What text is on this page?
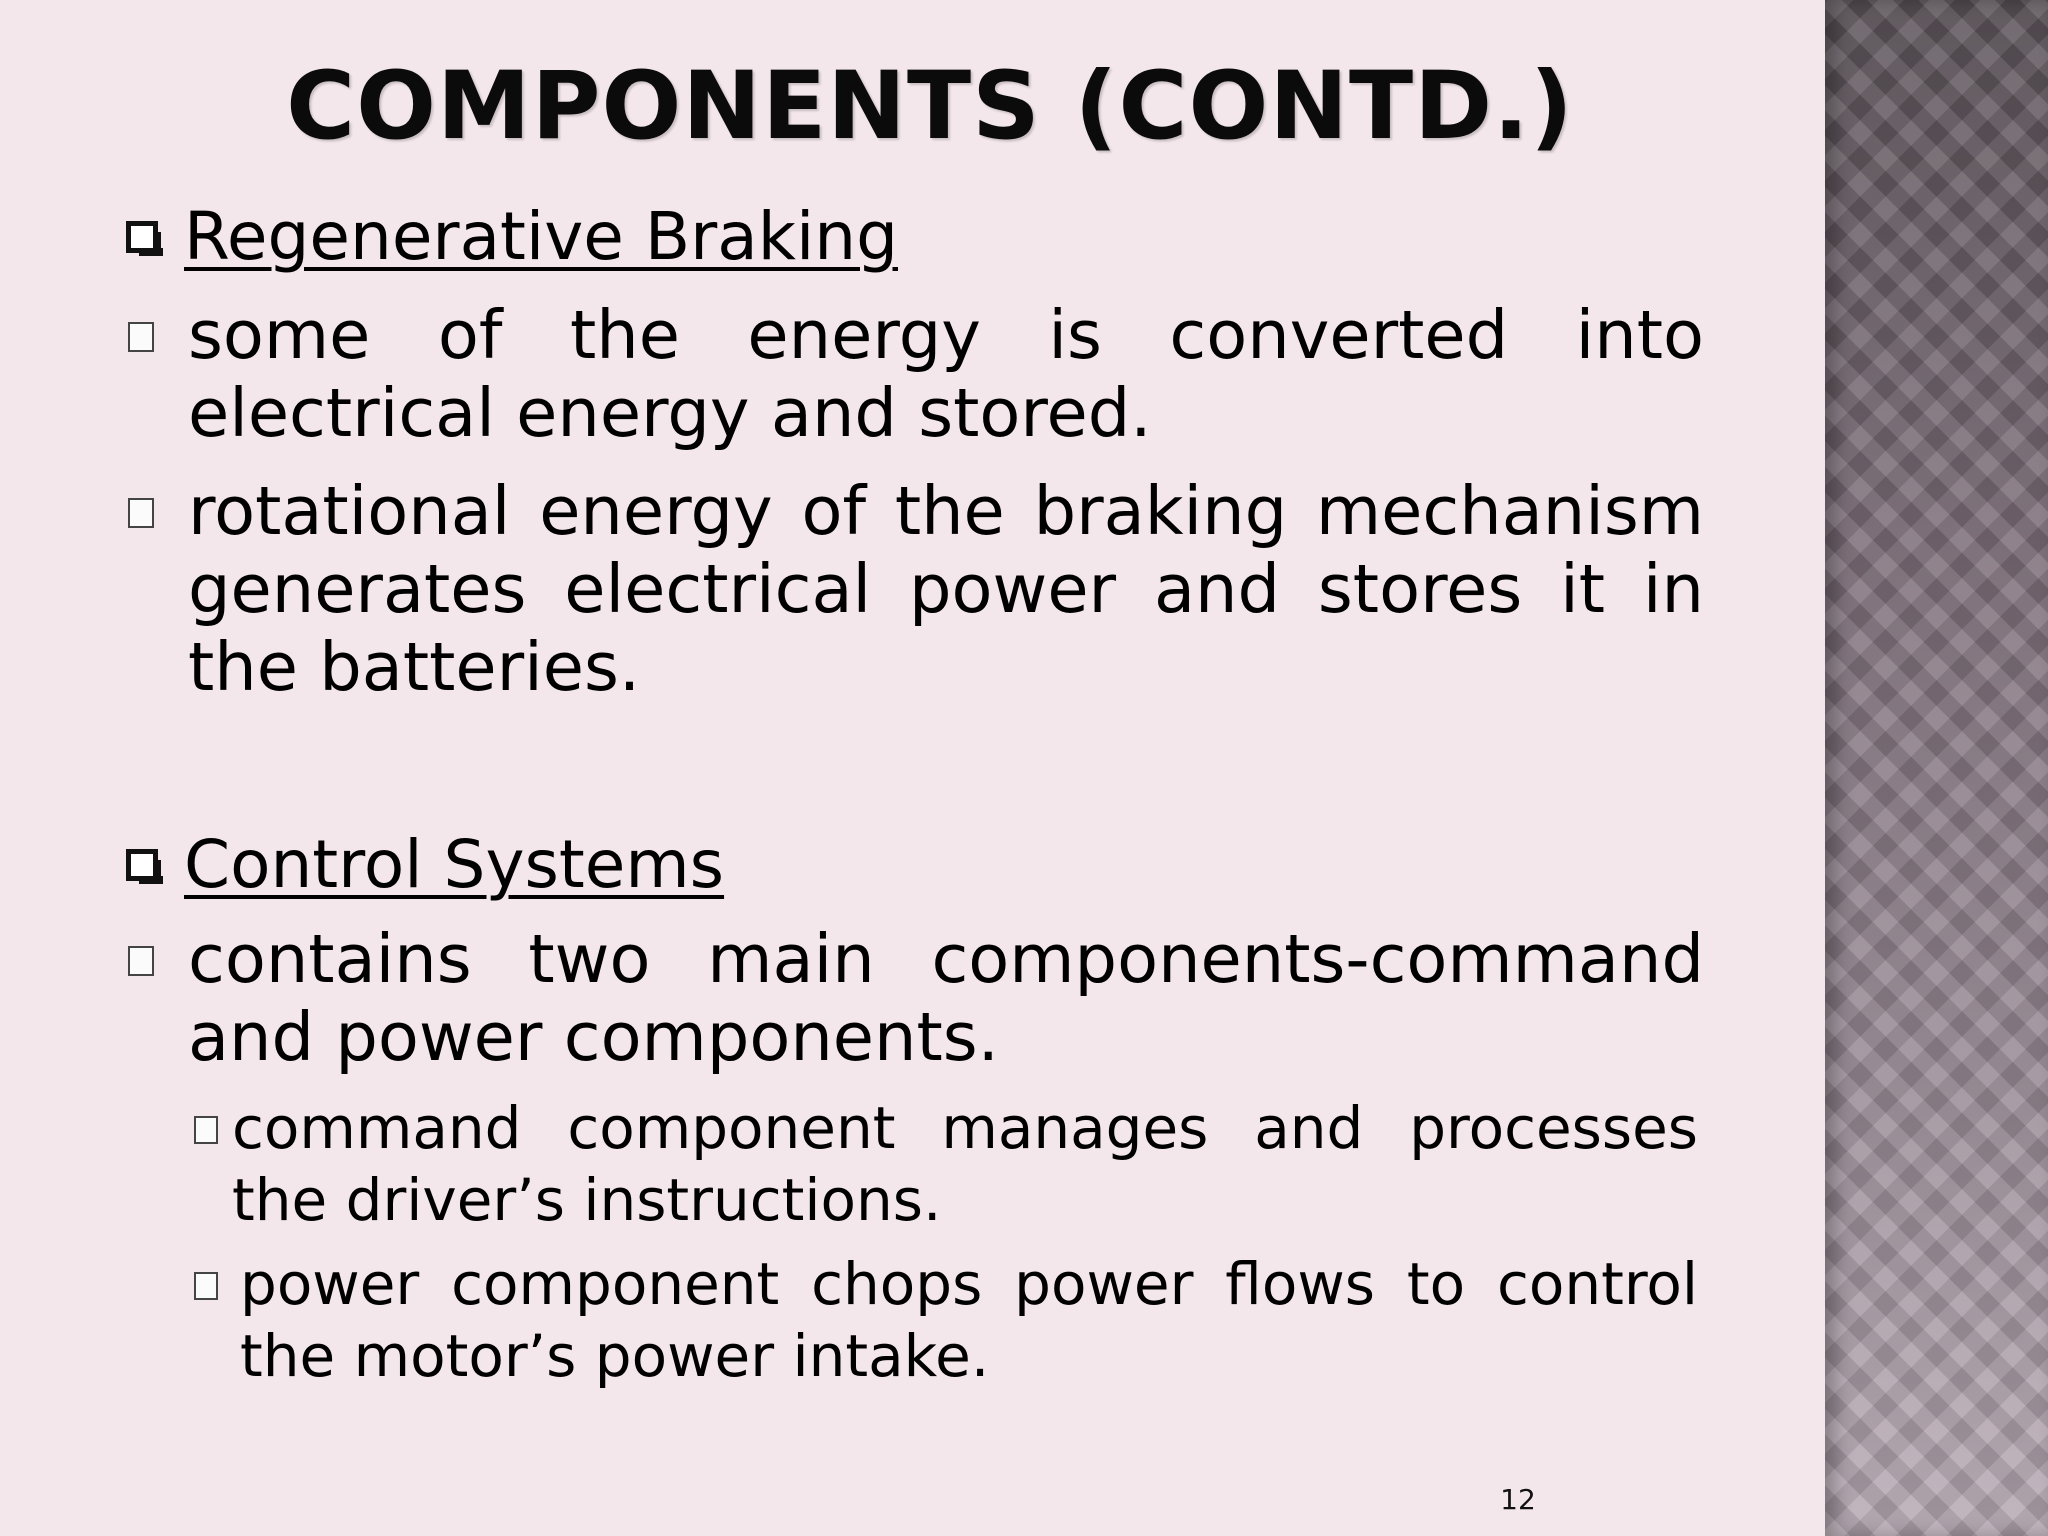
COMPONENTS (CONTD.)
Regenerative Braking
some of the energy is converted into electrical energy and stored.
rotational energy of the braking mechanism generates electrical power and stores it in the batteries.
Control Systems
contains two main components-command and power components.
command component manages and processes the driver’s instructions.
power component chops power flows to control the motor’s power intake.
12
